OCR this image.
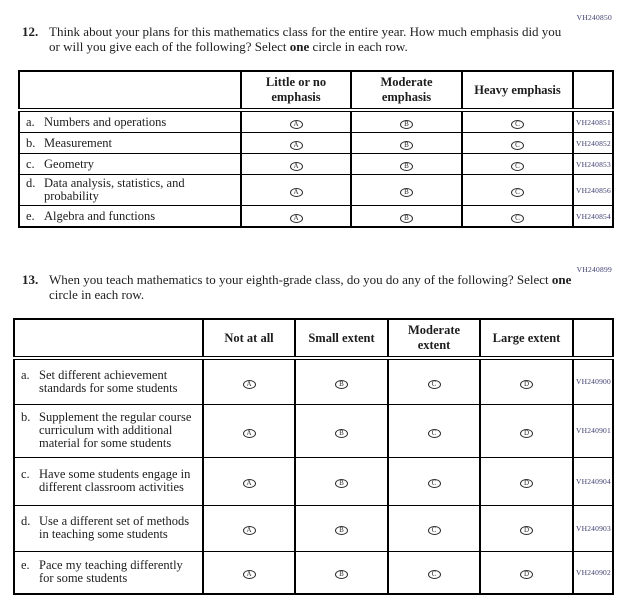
VH240850
12. Think about your plans for this mathematics class for the entire year. How much emphasis did you or will you give each of the following? Select one circle in each row.
	Little or no emphasis	Moderate emphasis	Heavy emphasis	

a. Numbers and operations	A	B	C	VH240851

b. Measurement	A	B	C	VH240852

c. Geometry	A	B	C	VH240853

d. Data analysis, statistics, and probability	A	B	C	VH240856

e. Algebra and functions	A	B	C	VH240854
VH240899
13. When you teach mathematics to your eighth-grade class, do you do any of the following? Select one circle in each row.
	Not at all	Small extent	Moderate extent	Large extent	

a. Set different achievement standards for some students	A	B	C	D	VH240900

b. Supplement the regular course curriculum with additional material for some students	A	B	C	D	VH240901

c. Have some students engage in different classroom activities	A	B	C	D	VH240904

d. Use a different set of methods in teaching some students	A	B	C	D	VH240903

e. Pace my teaching differently for some students	A	B	C	D	VH240902
